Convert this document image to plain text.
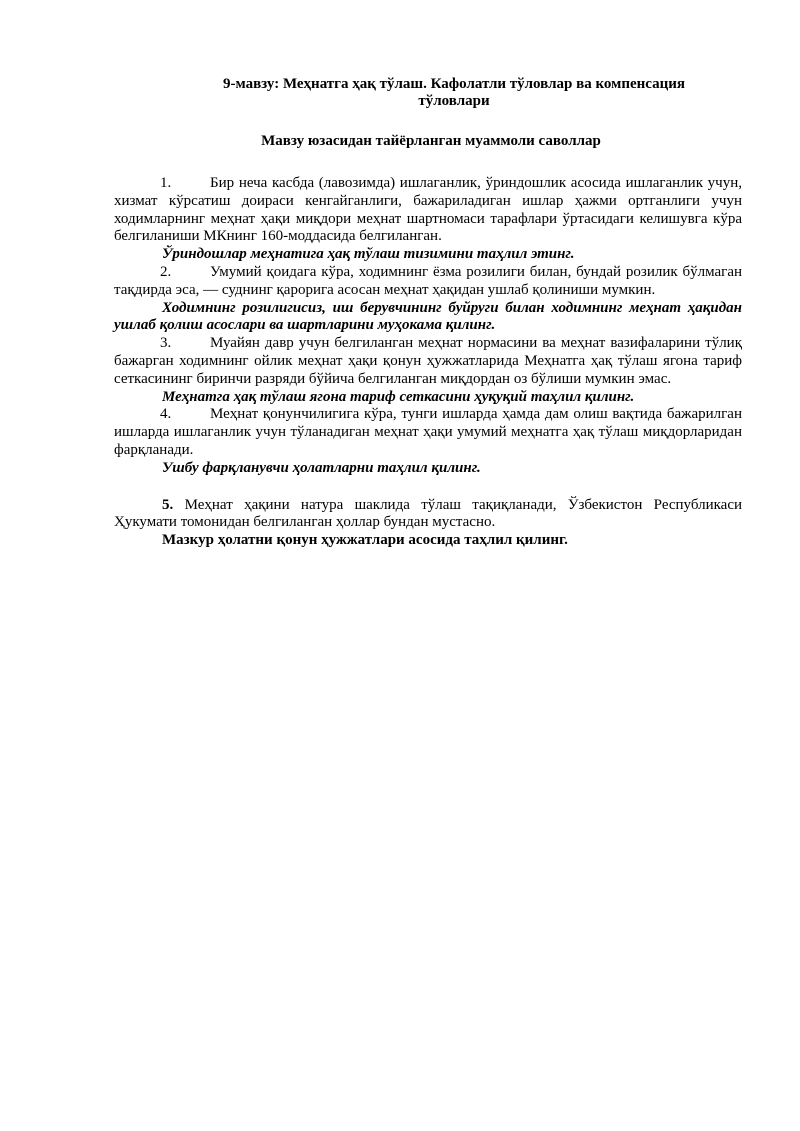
9-мавзу: Меҳнатга ҳақ тўлаш. Кафолатли тўловлар ва компенсация
тўловлари

Мавзу юзасидан тайёрланган муаммоли саволлар

1.	Бир неча касбда (лавозимда) ишлаганлик, ўриндошлик асосида ишлаганлик учун, хизмат кўрсатиш доираси кенгайганлиги, бажариладиган ишлар ҳажми ортганлиги учун ходимларнинг меҳнат ҳақи миқдори меҳнат шартномаси тарафлари ўртасидаги келишувга кўра белгиланиши МКнинг 160-моддасида белгиланган.

Ўриндошлар меҳнатига ҳақ тўлаш тизимини таҳлил этинг.

2.	Умумий қоидага кўра, ходимнинг ёзма розилиги билан, бундай розилик бўлмаган тақдирда эса, — суднинг қарорига асосан меҳнат ҳақидан ушлаб қолиниши мумкин.

Ходимнинг розилигисиз, иш берувчининг буйруги билан ходимнинг меҳнат ҳақидан ушлаб қолиш асослари ва шартларини муҳокама қилинг.

3.	Муайян давр учун белгиланган меҳнат нормасини ва меҳнат вазифаларини тўлиқ бажарган ходимнинг ойлик меҳнат ҳақи қонун ҳужжатларида Меҳнатга ҳақ тўлаш ягона тариф сеткасининг биринчи разряди бўйича белгиланган миқдордан оз бўлиши мумкин эмас.

Меҳнатга ҳақ тўлаш ягона тариф сеткасини ҳуқуқий таҳлил қилинг.

4.	Меҳнат қонунчилигига кўра, тунги ишларда ҳамда дам олиш вақтида бажарилган ишларда ишлаганлик учун тўланадиган меҳнат ҳақи умумий меҳнатга ҳақ тўлаш миқдорларидан фарқланади.

Ушбу фарқланувчи ҳолатларни таҳлил қилинг.

5. Меҳнат ҳақини натура шаклида тўлаш тақиқланади, Ўзбекистон Республикаси Ҳукумати томонидан белгиланган ҳоллар бундан мустасно.

Мазкур ҳолатни қонун ҳужжатлари асосида таҳлил қилинг.
